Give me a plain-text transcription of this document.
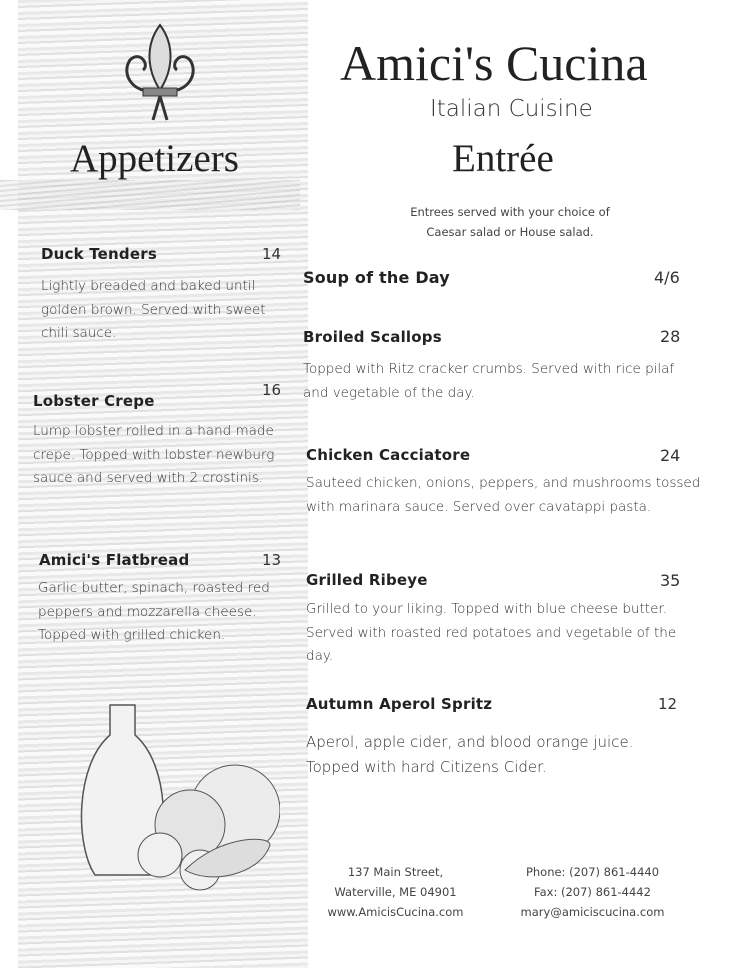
Amici's Cucina
Italian Cuisine
Appetizers	Entrée
Entrees served with your choice of Caesar salad or House salad.
Duck Tenders	14
Lightly breaded and baked until golden brown. Served with sweet chili sauce.
Lobster Crepe
16
Lump lobster rolled in a hand made crepe. Topped with lobster newburg sauce and served with 2 crostinis.
Amici's Flatbread	13
Garlic butter, spinach, roasted red peppers and mozzarella cheese. Topped with grilled chicken.
Soup of the Day	4/6
Broiled Scallops	28
Topped with Ritz cracker crumbs. Served with rice pilaf and vegetable of the day.
Chicken Cacciatore	24
Sauteed chicken, onions, peppers, and mushrooms tossed with marinara sauce. Served over cavatappi pasta.
Grilled Ribeye	35
Grilled to your liking. Topped with blue cheese butter. Served with roasted red potatoes and vegetable of the day.
Autumn Aperol Spritz	12
Aperol, apple cider, and blood orange juice. Topped with hard Citizens Cider.
137 Main Street,
Waterville, ME 04901
www.AmicisCucina.com
Phone: (207) 861-4440
Fax: (207) 861-4442
mary@amiciscucina.com
